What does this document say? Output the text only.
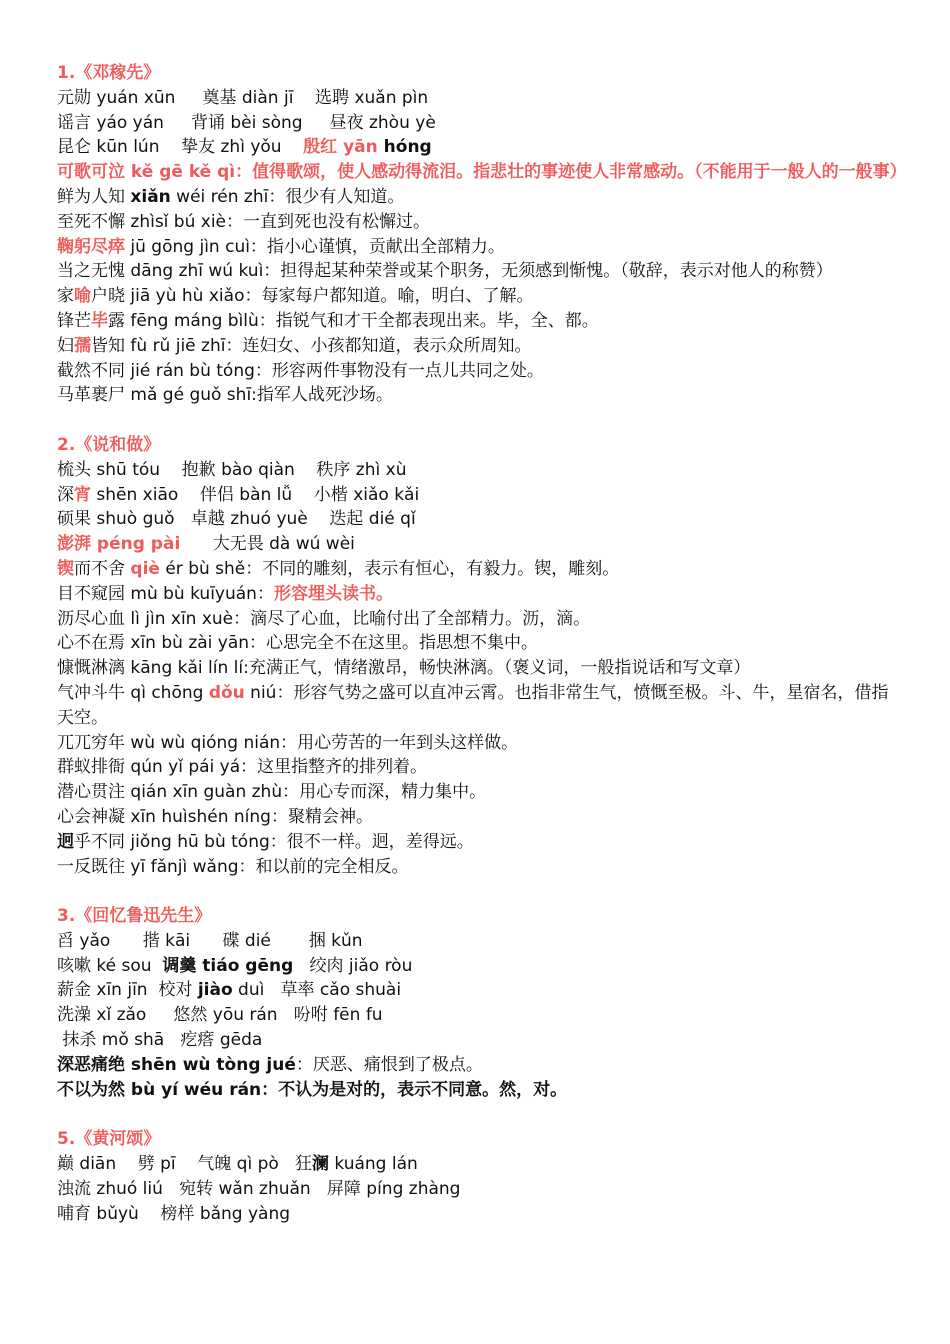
1.《邓稼先》
元勋 yuán xūn     奠基 diàn jī    选聘 xuǎn pìn
谣言 yáo yán     背诵 bèi sòng     昼夜 zhòu yè
昆仑 kūn lún    挚友 zhì yǒu    殷红 yān hóng
可歌可泣 kě gē kě qì：值得歌颂，使人感动得流泪。指悲壮的事迹使人非常感动。（不能用于一般人的一般事）
鲜为人知 xiǎn wéi rén zhī：很少有人知道。
至死不懈 zhìsǐ bú xiè：一直到死也没有松懈过。
鞠躬尽瘁 jū gōng jìn cuì：指小心谨慎，贡献出全部精力。
当之无愧 dāng zhī wú kuì：担得起某种荣誉或某个职务，无须感到惭愧。（敬辞，表示对他人的称赞）
家喻户晓 jiā yù hù xiǎo：每家每户都知道。喻，明白、了解。
锋芒毕露 fēng máng bìlù：指锐气和才干全都表现出来。毕，全、都。
妇孺皆知 fù rǔ jiē zhī：连妇女、小孩都知道，表示众所周知。
截然不同 jié rán bù tóng：形容两件事物没有一点儿共同之处。
马革裹尸 mǎ gé guǒ shī:指军人战死沙场。
2.《说和做》
梳头 shū tóu    抱歉 bào qiàn    秩序 zhì xù
深宵 shēn xiāo    伴侣 bàn lǚ    小楷 xiǎo kǎi
硕果 shuò guǒ   卓越 zhuó yuè    迭起 dié qǐ
澎湃 péng pài      大无畏 dà wú wèi
锲而不舍 qiè ér bù shě：不同的雕刻，表示有恒心，有毅力。锲，雕刻。
目不窥园 mù bù kuīyuán：形容埋头读书。
沥尽心血 lì jìn xīn xuè：滴尽了心血，比喻付出了全部精力。沥，滴。
心不在焉 xīn bù zài yān：心思完全不在这里。指思想不集中。
慷慨淋漓 kāng kǎi lín lí:充满正气，情绪激昂，畅快淋漓。（褒义词，一般指说话和写文章）
气冲斗牛 qì chōng dǒu niú：形容气势之盛可以直冲云霄。也指非常生气，愤慨至极。斗、牛，星宿名，借指天空。
兀兀穷年 wù wù qióng nián：用心劳苦的一年到头这样做。
群蚁排衙 qún yǐ pái yá：这里指整齐的排列着。
潜心贯注 qián xīn guàn zhù：用心专而深，精力集中。
心会神凝 xīn huìshén níng：聚精会神。
迥乎不同 jiǒng hū bù tóng：很不一样。迥，差得远。
一反既往 yī fǎnjì wǎng：和以前的完全相反。
3.《回忆鲁迅先生》
舀 yǎo      揩 kāi      碟 dié       捆 kǔn
咳嗽 ké sou  调羹 tiáo gēng   绞肉 jiǎo ròu
薪金 xīn jīn  校对 jiào duì   草率 cǎo shuài
洗澡 xǐ zǎo     悠然 yōu rán   吩咐 fēn fu
抹杀 mǒ shā   疙瘩 gēda
深恶痛绝 shēn wù tòng jué：厌恶、痛恨到了极点。
不以为然 bù yí wéu rán：不认为是对的，表示不同意。然，对。
5.《黄河颂》
巅 diān    劈 pī    气魄 qì pò   狂澜 kuáng lán
浊流 zhuó liú   宛转 wǎn zhuǎn   屏障 píng zhàng
哺育 bǔyù    榜样 bǎng yàng
